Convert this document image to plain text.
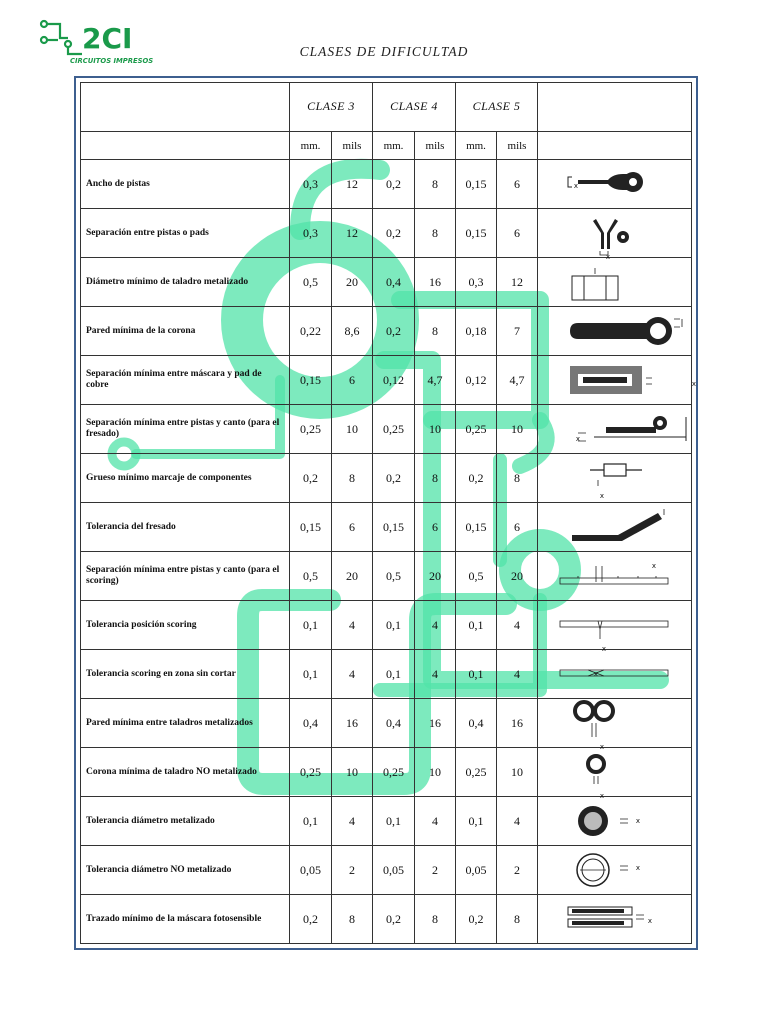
2CI
CIRCUITOS IMPRESOS
CLASES DE DIFICULTAD
CLASE 3	CLASE 4	CLASE 5
mm.	mils	mm.	mils	mm.	mils
Ancho de pistas	0,3	12	0,2	8	0,15	6
Separación entre pistas o pads	0,3	12	0,2	8	0,15	6
Diámetro mínimo de taladro metalizado	0,5	20	0,4	16	0,3	12
Pared mínima de la corona	0,22	8,6	0,2	8	0,18	7
Separación mínima entre máscara y pad de cobre	0,15	6	0,12	4,7	0,12	4,7
Separación mínima entre pistas y canto (para el fresado)	0,25	10	0,25	10	0,25	10
Grueso mínimo marcaje de componentes	0,2	8	0,2	8	0,2	8
Tolerancia del fresado	0,15	6	0,15	6	0,15	6
Separación mínima entre pistas y canto (para el scoring)	0,5	20	0,5	20	0,5	20
Tolerancia posición scoring	0,1	4	0,1	4	0,1	4
Tolerancia scoring en zona sin cortar	0,1	4	0,1	4	0,1	4
Pared mínima entre taladros metalizados	0,4	16	0,4	16	0,4	16
Corona mínima de taladro NO metalizado	0,25	10	0,25	10	0,25	10
Tolerancia diámetro metalizado	0,1	4	0,1	4	0,1	4
Tolerancia diámetro NO metalizado	0,05	2	0,05	2	0,05	2
Trazado mínimo de la máscara fotosensible	0,2	8	0,2	8	0,2	8
x
x
x
x
x
x
x
x
x
x
x
x
x
